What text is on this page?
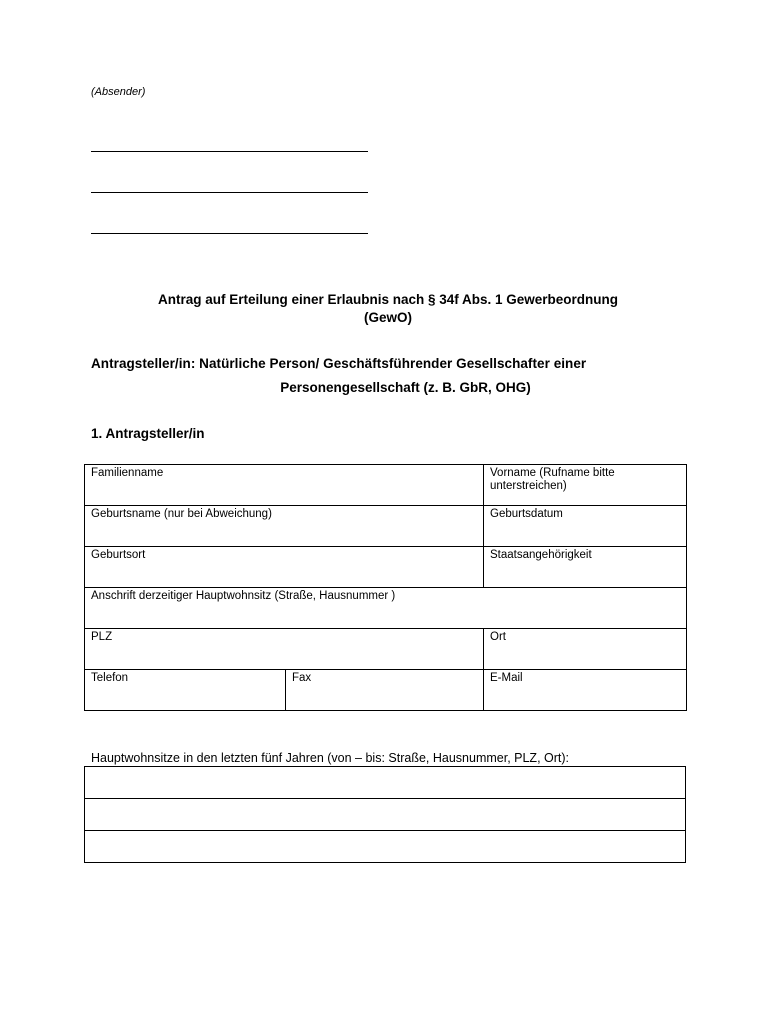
(Absender)
Antrag auf Erteilung einer Erlaubnis nach § 34f Abs. 1 Gewerbeordnung
(GewO)
Antragsteller/in: Natürliche Person/ Geschäftsführender Gesellschafter einer
Personengesellschaft (z. B. GbR, OHG)
1. Antragsteller/in
Familienname		Vorname (Rufname bitte unterstreichen)
Geburtsname (nur bei Abweichung)		Geburtsdatum
Geburtsort		Staatsangehörigkeit
Anschrift derzeitiger Hauptwohnsitz (Straße, Hausnummer )		
PLZ		Ort
Telefon	Fax	E-Mail
Hauptwohnsitze in den letzten fünf Jahren (von – bis: Straße, Hausnummer, PLZ, Ort):
